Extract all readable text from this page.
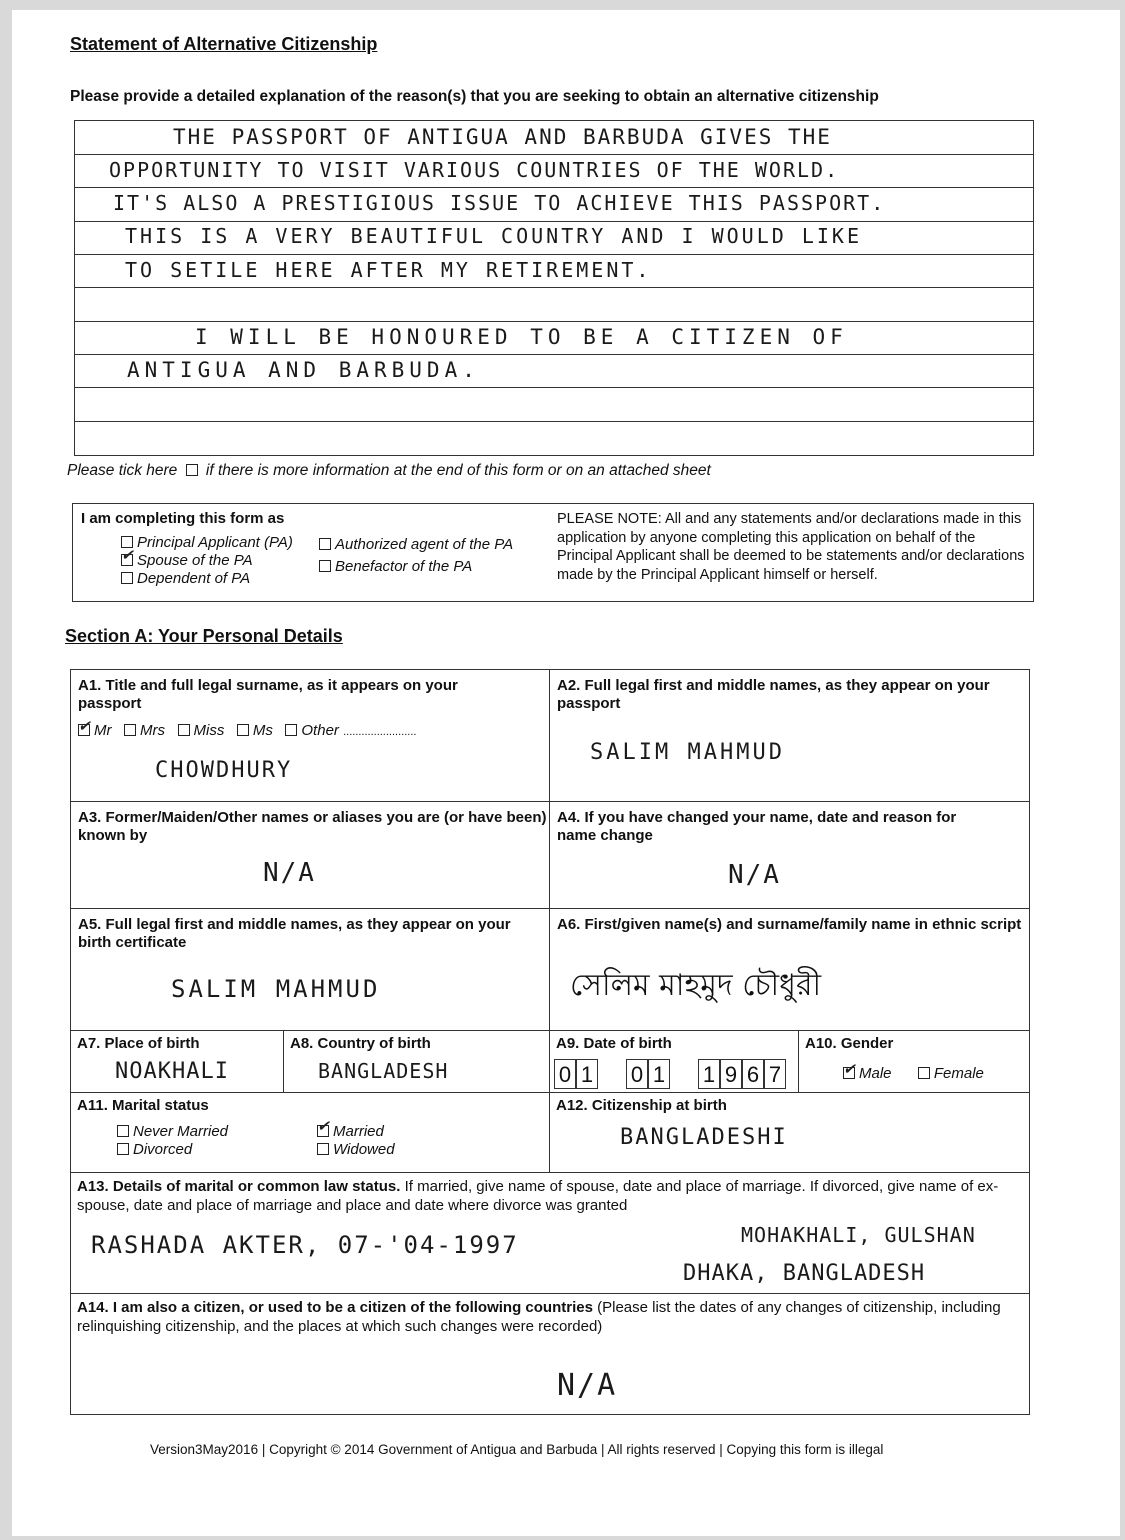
Statement of Alternative Citizenship
Please provide a detailed explanation of the reason(s) that you are seeking to obtain an alternative citizenship
THE PASSPORT OF ANTIGUA AND BARBUDA GIVES THE
OPPORTUNITY TO VISIT VARIOUS COUNTRIES OF THE WORLD.
IT'S ALSO A PRESTIGIOUS ISSUE TO ACHIEVE THIS PASSPORT.
THIS IS A VERY BEAUTIFUL COUNTRY AND I WOULD LIKE
TO SETILE HERE AFTER MY RETIREMENT.
I WILL BE HONOURED TO BE A CITIZEN OF
ANTIGUA AND BARBUDA.
Please tick here if there is more information at the end of this form or on an attached sheet
I am completing this form as
Principal Applicant (PA)
✔Spouse of the PA
Dependent of PA
Authorized agent of the PA
Benefactor of the PA
PLEASE NOTE: All and any statements and/or declarations made in this application by anyone completing this application on behalf of the Principal Applicant shall be deemed to be statements and/or declarations made by the Principal Applicant himself or herself.
Section A: Your Personal Details
A1. Title and full legal surname, as it appears on your passport
✔Mr Mrs Miss Ms Other ........................
CHOWDHURY
A2. Full legal first and middle names, as they appear on your passport
SALIM MAHMUD
A3. Former/Maiden/Other names or aliases you are (or have been) known by
N/A
A4. If you have changed your name, date and reason for name change
N/A
A5. Full legal first and middle names, as they appear on your birth certificate
SALIM MAHMUD
A6. First/given name(s) and surname/family name in ethnic script
সেলিম মাহমুদ চৌধুরী
A7. Place of birth
NOAKHALI
A8. Country of birth
BANGLADESH
A9. Date of birth
0 1 0 1 1 9 6 7
A10. Gender
✔Male	Female
A11. Marital status
Never Married
Divorced
✔Married
Widowed
A12. Citizenship at birth
BANGLADESHI
A13. Details of marital or common law status. If married, give name of spouse, date and place of marriage. If divorced, give name of ex-spouse, date and place of marriage and place and date where divorce was granted
RASHADA AKTER, 07-'04-1997	MOHAKHALI, GULSHAN
DHAKA, BANGLADESH
A14. I am also a citizen, or used to be a citizen of the following countries (Please list the dates of any changes of citizenship, including relinquishing citizenship, and the places at which such changes were recorded)
N/A
Version3May2016 | Copyright © 2014 Government of Antigua and Barbuda | All rights reserved | Copying this form is illegal
